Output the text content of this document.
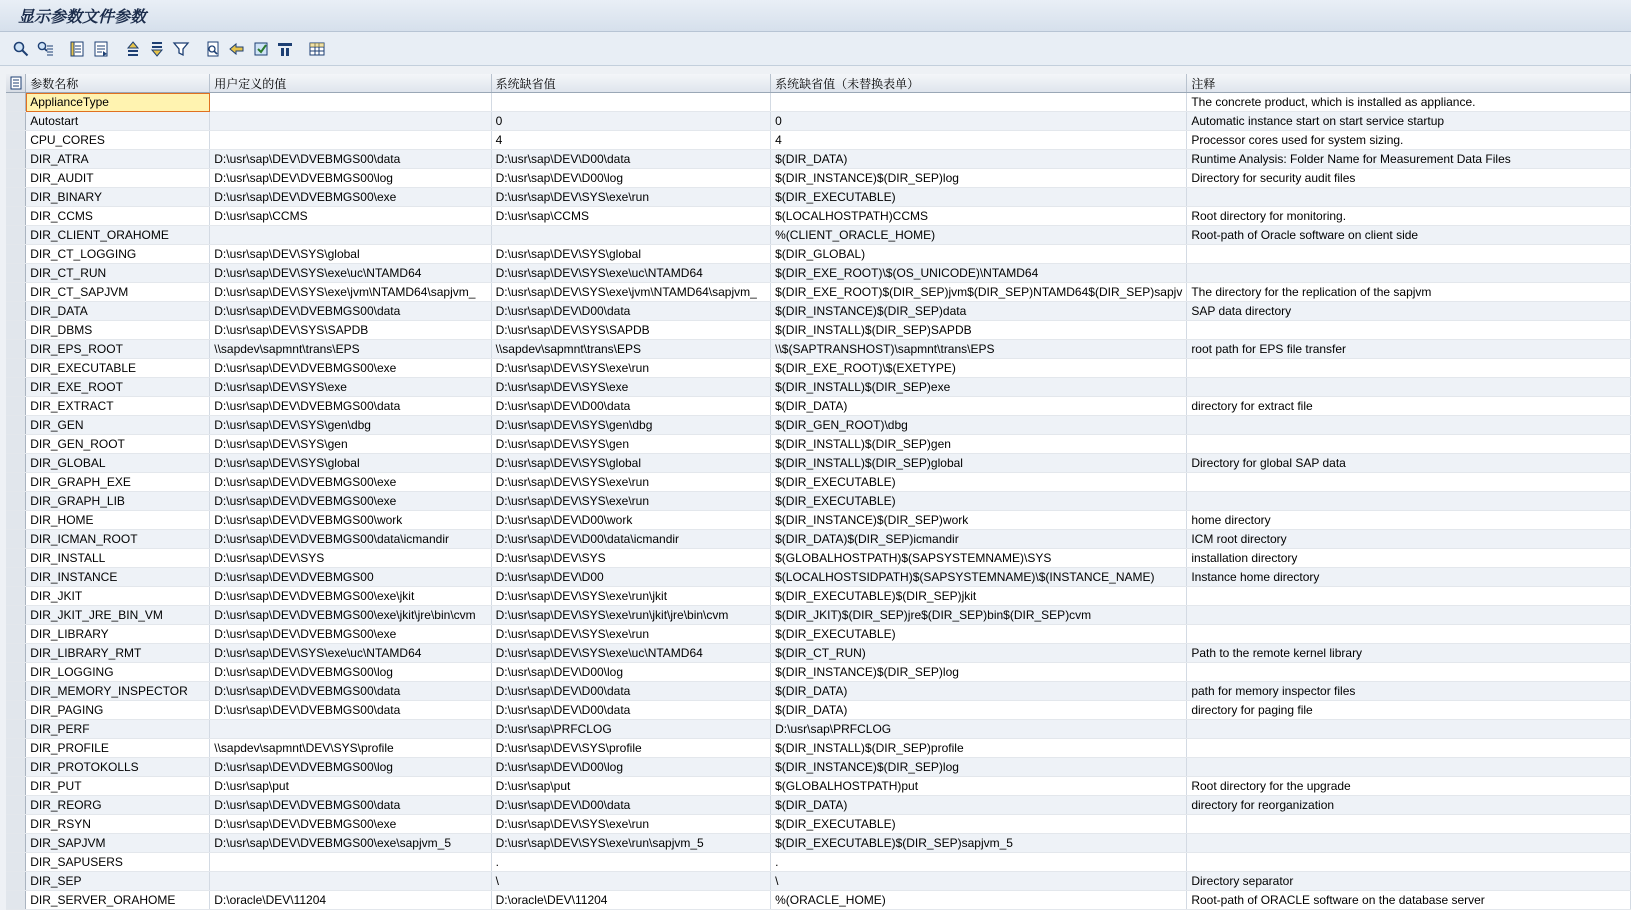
显示参数文件参数
	参数名称	用户定义的值	系统缺省值	系统缺省值（未替换表单）	注释
	ApplianceType				The concrete product, which is installed as appliance.
	Autostart		0	0	Automatic instance start on start service startup
	CPU_CORES		4	4	Processor cores used for system sizing.
	DIR_ATRA	D:\usr\sap\DEV\DVEBMGS00\data	D:\usr\sap\DEV\D00\data	$(DIR_DATA)	Runtime Analysis: Folder Name for Measurement Data Files
	DIR_AUDIT	D:\usr\sap\DEV\DVEBMGS00\log	D:\usr\sap\DEV\D00\log	$(DIR_INSTANCE)$(DIR_SEP)log	Directory for security audit files
	DIR_BINARY	D:\usr\sap\DEV\DVEBMGS00\exe	D:\usr\sap\DEV\SYS\exe\run	$(DIR_EXECUTABLE)	
	DIR_CCMS	D:\usr\sap\CCMS	D:\usr\sap\CCMS	$(LOCALHOSTPATH)CCMS	Root directory for monitoring.
	DIR_CLIENT_ORAHOME			%(CLIENT_ORACLE_HOME)	Root-path of Oracle software on client side
	DIR_CT_LOGGING	D:\usr\sap\DEV\SYS\global	D:\usr\sap\DEV\SYS\global	$(DIR_GLOBAL)	
	DIR_CT_RUN	D:\usr\sap\DEV\SYS\exe\uc\NTAMD64	D:\usr\sap\DEV\SYS\exe\uc\NTAMD64	$(DIR_EXE_ROOT)\$(OS_UNICODE)\NTAMD64	
	DIR_CT_SAPJVM	D:\usr\sap\DEV\SYS\exe\jvm\NTAMD64\sapjvm_	D:\usr\sap\DEV\SYS\exe\jvm\NTAMD64\sapjvm_	$(DIR_EXE_ROOT)$(DIR_SEP)jvm$(DIR_SEP)NTAMD64$(DIR_SEP)sapjv	The directory for the replication of the sapjvm
	DIR_DATA	D:\usr\sap\DEV\DVEBMGS00\data	D:\usr\sap\DEV\D00\data	$(DIR_INSTANCE)$(DIR_SEP)data	SAP data directory
	DIR_DBMS	D:\usr\sap\DEV\SYS\SAPDB	D:\usr\sap\DEV\SYS\SAPDB	$(DIR_INSTALL)$(DIR_SEP)SAPDB	
	DIR_EPS_ROOT	\\sapdev\sapmnt\trans\EPS	\\sapdev\sapmnt\trans\EPS	\\$(SAPTRANSHOST)\sapmnt\trans\EPS	root path for EPS file transfer
	DIR_EXECUTABLE	D:\usr\sap\DEV\DVEBMGS00\exe	D:\usr\sap\DEV\SYS\exe\run	$(DIR_EXE_ROOT)\$(EXETYPE)	
	DIR_EXE_ROOT	D:\usr\sap\DEV\SYS\exe	D:\usr\sap\DEV\SYS\exe	$(DIR_INSTALL)$(DIR_SEP)exe	
	DIR_EXTRACT	D:\usr\sap\DEV\DVEBMGS00\data	D:\usr\sap\DEV\D00\data	$(DIR_DATA)	directory for extract file
	DIR_GEN	D:\usr\sap\DEV\SYS\gen\dbg	D:\usr\sap\DEV\SYS\gen\dbg	$(DIR_GEN_ROOT)\dbg	
	DIR_GEN_ROOT	D:\usr\sap\DEV\SYS\gen	D:\usr\sap\DEV\SYS\gen	$(DIR_INSTALL)$(DIR_SEP)gen	
	DIR_GLOBAL	D:\usr\sap\DEV\SYS\global	D:\usr\sap\DEV\SYS\global	$(DIR_INSTALL)$(DIR_SEP)global	Directory for global SAP data
	DIR_GRAPH_EXE	D:\usr\sap\DEV\DVEBMGS00\exe	D:\usr\sap\DEV\SYS\exe\run	$(DIR_EXECUTABLE)	
	DIR_GRAPH_LIB	D:\usr\sap\DEV\DVEBMGS00\exe	D:\usr\sap\DEV\SYS\exe\run	$(DIR_EXECUTABLE)	
	DIR_HOME	D:\usr\sap\DEV\DVEBMGS00\work	D:\usr\sap\DEV\D00\work	$(DIR_INSTANCE)$(DIR_SEP)work	home directory
	DIR_ICMAN_ROOT	D:\usr\sap\DEV\DVEBMGS00\data\icmandir	D:\usr\sap\DEV\D00\data\icmandir	$(DIR_DATA)$(DIR_SEP)icmandir	ICM root directory
	DIR_INSTALL	D:\usr\sap\DEV\SYS	D:\usr\sap\DEV\SYS	$(GLOBALHOSTPATH)$(SAPSYSTEMNAME)\SYS	installation directory
	DIR_INSTANCE	D:\usr\sap\DEV\DVEBMGS00	D:\usr\sap\DEV\D00	$(LOCALHOSTSIDPATH)$(SAPSYSTEMNAME)\$(INSTANCE_NAME)	Instance home directory
	DIR_JKIT	D:\usr\sap\DEV\DVEBMGS00\exe\jkit	D:\usr\sap\DEV\SYS\exe\run\jkit	$(DIR_EXECUTABLE)$(DIR_SEP)jkit	
	DIR_JKIT_JRE_BIN_VM	D:\usr\sap\DEV\DVEBMGS00\exe\jkit\jre\bin\cvm	D:\usr\sap\DEV\SYS\exe\run\jkit\jre\bin\cvm	$(DIR_JKIT)$(DIR_SEP)jre$(DIR_SEP)bin$(DIR_SEP)cvm	
	DIR_LIBRARY	D:\usr\sap\DEV\DVEBMGS00\exe	D:\usr\sap\DEV\SYS\exe\run	$(DIR_EXECUTABLE)	
	DIR_LIBRARY_RMT	D:\usr\sap\DEV\SYS\exe\uc\NTAMD64	D:\usr\sap\DEV\SYS\exe\uc\NTAMD64	$(DIR_CT_RUN)	Path to the remote kernel library
	DIR_LOGGING	D:\usr\sap\DEV\DVEBMGS00\log	D:\usr\sap\DEV\D00\log	$(DIR_INSTANCE)$(DIR_SEP)log	
	DIR_MEMORY_INSPECTOR	D:\usr\sap\DEV\DVEBMGS00\data	D:\usr\sap\DEV\D00\data	$(DIR_DATA)	path for memory inspector files
	DIR_PAGING	D:\usr\sap\DEV\DVEBMGS00\data	D:\usr\sap\DEV\D00\data	$(DIR_DATA)	directory for paging file
	DIR_PERF		D:\usr\sap\PRFCLOG	D:\usr\sap\PRFCLOG	
	DIR_PROFILE	\\sapdev\sapmnt\DEV\SYS\profile	D:\usr\sap\DEV\SYS\profile	$(DIR_INSTALL)$(DIR_SEP)profile	
	DIR_PROTOKOLLS	D:\usr\sap\DEV\DVEBMGS00\log	D:\usr\sap\DEV\D00\log	$(DIR_INSTANCE)$(DIR_SEP)log	
	DIR_PUT	D:\usr\sap\put	D:\usr\sap\put	$(GLOBALHOSTPATH)put	Root directory for the upgrade
	DIR_REORG	D:\usr\sap\DEV\DVEBMGS00\data	D:\usr\sap\DEV\D00\data	$(DIR_DATA)	directory for reorganization
	DIR_RSYN	D:\usr\sap\DEV\DVEBMGS00\exe	D:\usr\sap\DEV\SYS\exe\run	$(DIR_EXECUTABLE)	
	DIR_SAPJVM	D:\usr\sap\DEV\DVEBMGS00\exe\sapjvm_5	D:\usr\sap\DEV\SYS\exe\run\sapjvm_5	$(DIR_EXECUTABLE)$(DIR_SEP)sapjvm_5	
	DIR_SAPUSERS		.	.	
	DIR_SEP		\	\	Directory separator
	DIR_SERVER_ORAHOME	D:\oracle\DEV\11204	D:\oracle\DEV\11204	%(ORACLE_HOME)	Root-path of ORACLE software on the database server
